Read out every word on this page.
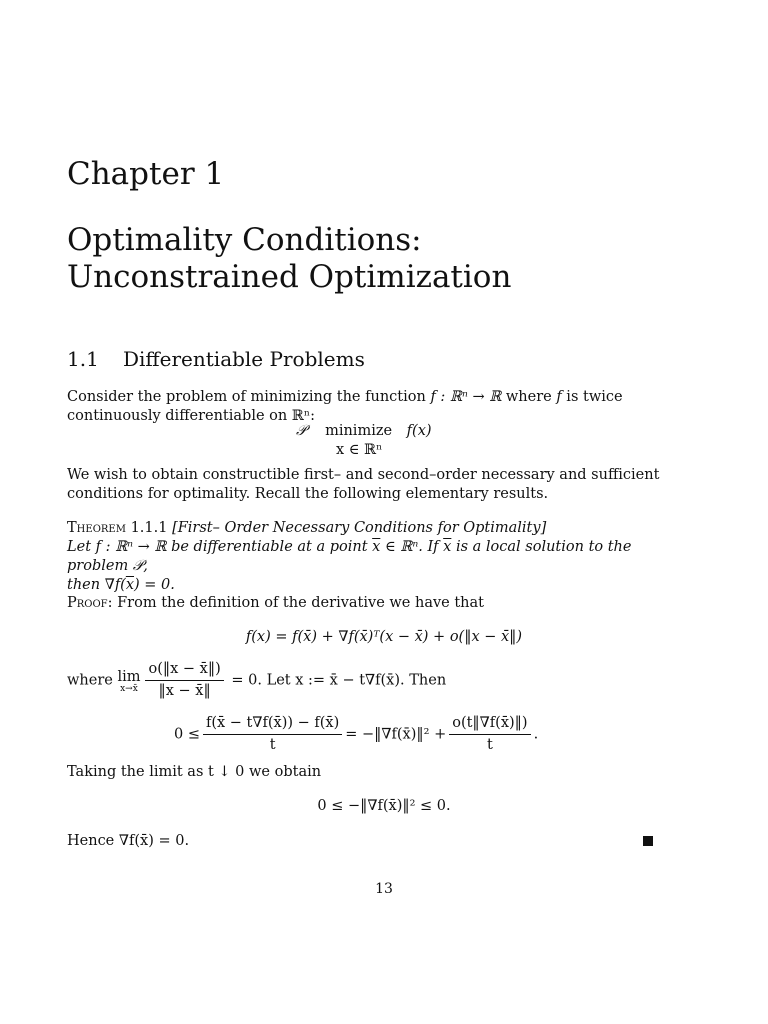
Chapter 1
Optimality Conditions:
Unconstrained Optimization
1.1 Differentiable Problems
Consider the problem of minimizing the function f : ℝⁿ → ℝ where f is twice continuously differentiable on ℝⁿ:
𝒫 minimize f(x)
x ∈ ℝⁿ
We wish to obtain constructible first– and second–order necessary and sufficient conditions for optimality. Recall the following elementary results.
Theorem 1.1.1 [First– Order Necessary Conditions for Optimality]
Let f : ℝⁿ → ℝ be differentiable at a point $\overline{x}$ ∈ ℝⁿ. If $\overline{x}$ is a local solution to the problem 𝒫,
then $\nabla f(\overline{x}) = 0$.
Proof: From the definition of the derivative we have that
f(x) = f(x̄) + ∇f(x̄)ᵀ(x − x̄) + o(‖x − x̄‖)
where lim
x→x̄ $\frac{o(‖x - x̄‖)}{‖x - x̄‖} = 0$. Let x := x̄ − t∇f(x̄). Then
$0 \le \frac{f(x̄ - t\nabla f(x̄)) - f(x̄)}{t}$ = −‖∇f(x̄)‖² + $\frac{o(t‖\nabla f(x̄)‖)}{t}$ .
Taking the limit as t ↓ 0 we obtain
0 ≤ −‖∇f(x̄)‖² ≤ 0.
Hence ∇f(x̄) = 0.
13
